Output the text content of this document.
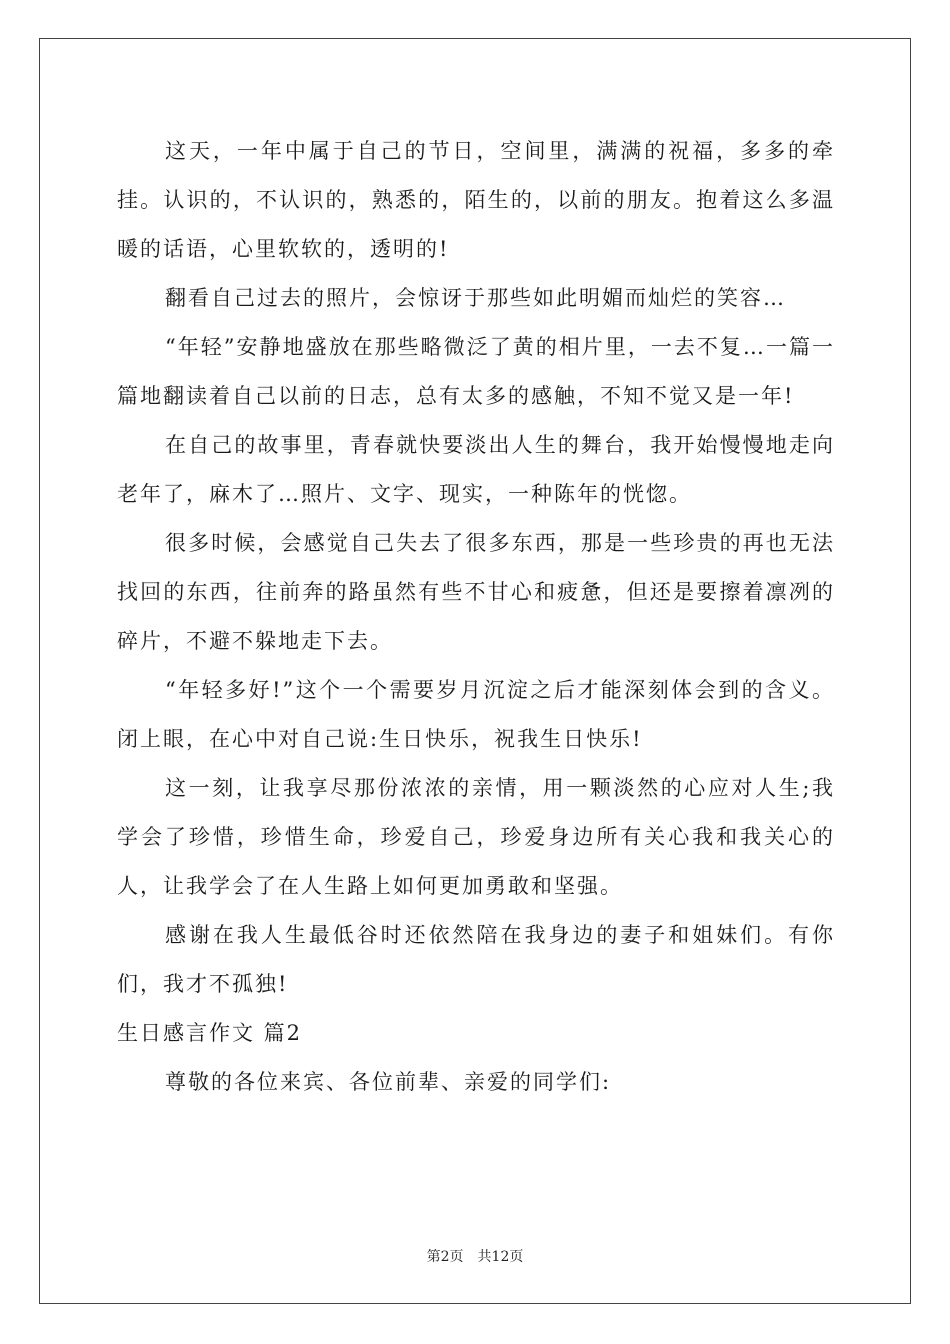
这天，一年中属于自己的节日，空间里，满满的祝福，多多的牵挂。认识的，不认识的，熟悉的，陌生的，以前的朋友。抱着这么多温暖的话语，心里软软的，透明的!

翻看自己过去的照片，会惊讶于那些如此明媚而灿烂的笑容…

“年轻”安静地盛放在那些略微泛了黄的相片里，一去不复…一篇一篇地翻读着自己以前的日志，总有太多的感触，不知不觉又是一年!

在自己的故事里，青春就快要淡出人生的舞台，我开始慢慢地走向老年了，麻木了…照片、文字、现实，一种陈年的恍惚。

很多时候，会感觉自己失去了很多东西，那是一些珍贵的再也无法找回的东西，往前奔的路虽然有些不甘心和疲惫，但还是要擦着凛冽的碎片，不避不躲地走下去。

“年轻多好!”这个一个需要岁月沉淀之后才能深刻体会到的含义。闭上眼，在心中对自己说:生日快乐，祝我生日快乐!

这一刻，让我享尽那份浓浓的亲情，用一颗淡然的心应对人生;我学会了珍惜，珍惜生命，珍爱自己，珍爱身边所有关心我和我关心的人，让我学会了在人生路上如何更加勇敢和坚强。

感谢在我人生最低谷时还依然陪在我身边的妻子和姐妹们。有你们，我才不孤独!

生日感言作文 篇2

尊敬的各位来宾、各位前辈、亲爱的同学们:

第2页 共12页
